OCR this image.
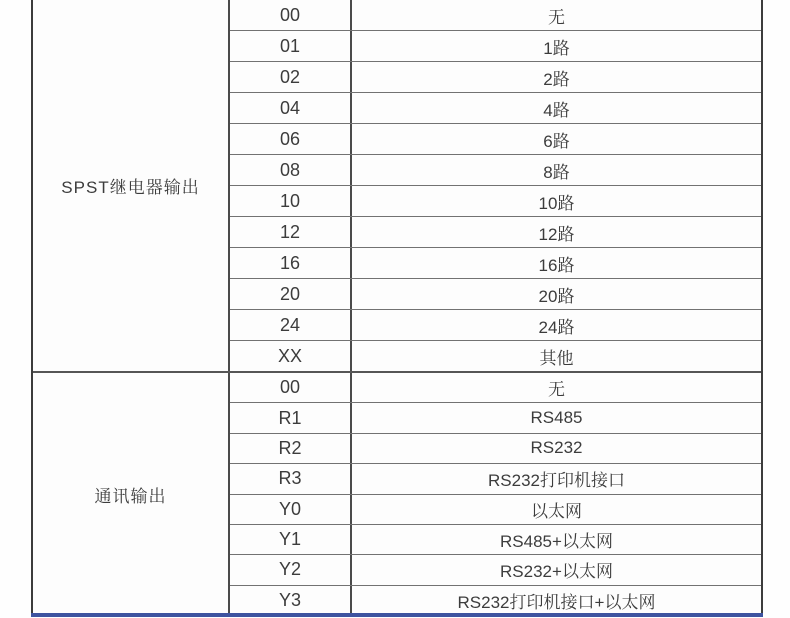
SPST继电器输出
00	无
01	1路
02	2路
04	4路
06	6路
08	8路
10	10路
12	12路
16	16路
20	20路
24	24路
XX	其他
通讯输出
00	无
R1	RS485
R2	RS232
R3	RS232打印机接口
Y0	以太网
Y1	RS485+以太网
Y2	RS232+以太网
Y3	RS232打印机接口+以太网
